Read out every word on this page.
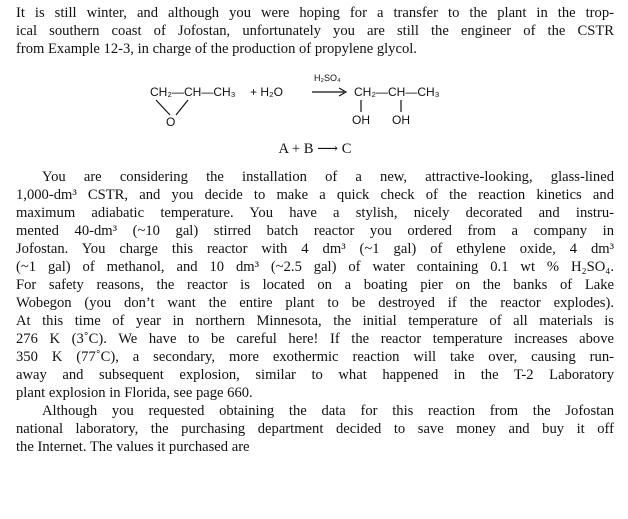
It is still winter, and although you were hoping for a transfer to the plant in the trop-
ical southern coast of Jofostan, unfortunately you are still the engineer of the CSTR
from Example 12-3, in charge of the production of propylene glycol.

CH₂—CH—CH₃ + H₂O
H₂SO₄
CH₂—CH—CH₃
O	OH OH
A + B ⟶ C

You are considering the installation of a new, attractive-looking, glass-lined
1,000-dm³ CSTR, and you decide to make a quick check of the reaction kinetics and
maximum adiabatic temperature. You have a stylish, nicely decorated and instru-
mented 40-dm³ (~10 gal) stirred batch reactor you ordered from a company in
Jofostan. You charge this reactor with 4 dm³ (~1 gal) of ethylene oxide, 4 dm³
(~1 gal) of methanol, and 10 dm³ (~2.5 gal) of water containing 0.1 wt % H₂SO₄.
For safety reasons, the reactor is located on a boating pier on the banks of Lake
Wobegon (you don’t want the entire plant to be destroyed if the reactor explodes).
At this time of year in northern Minnesota, the initial temperature of all materials is
276 K (3˚C). We have to be careful here! If the reactor temperature increases above
350 K (77˚C), a secondary, more exothermic reaction will take over, causing run-
away and subsequent explosion, similar to what happened in the T-2 Laboratory
plant explosion in Florida, see page 660.

Although you requested obtaining the data for this reaction from the Jofostan
national laboratory, the purchasing department decided to save money and buy it off
the Internet. The values it purchased are
